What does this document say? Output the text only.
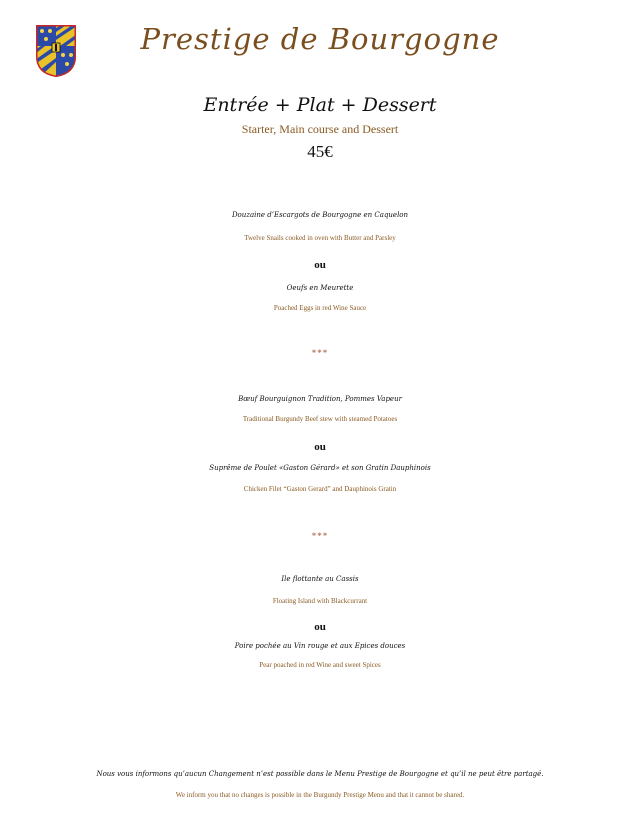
Prestige de Bourgogne
Entrée + Plat + Dessert
Starter, Main course and Dessert
45€
Douzaine d’Escargots de Bourgogne en Caquelon
Twelve Snails cooked in oven with Butter and Parsley
ou
Oeufs en Meurette
Poached Eggs in red Wine Sauce
***
Bœuf Bourguignon Tradition, Pommes Vapeur
Traditional Burgundy Beef stew with steamed Potatoes
ou
Suprême de Poulet «Gaston Gérard» et son Gratin Dauphinois
Chicken Filet “Gaston Gerard” and Dauphinois Gratin
***
Ile flottante au Cassis
Floating Island with Blackcurrant
ou
Poire pochée au Vin rouge et aux Epices douces
Pear poached in red Wine and sweet Spices
Nous vous informons qu’aucun Changement n’est possible dans le Menu Prestige de Bourgogne et qu’il ne peut être partagé.
We inform you that no changes is possible in the Burgundy Prestige Menu and that it cannot be shared.
